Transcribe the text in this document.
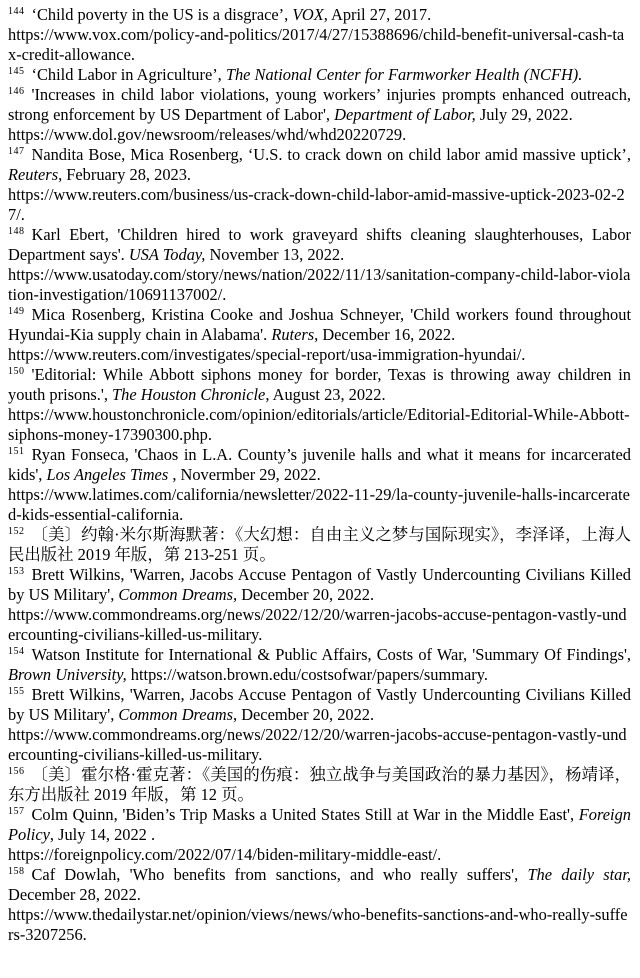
$^{144}$ ‘Child poverty in the US is a disgrace’, VOX, April 27, 2017.
https://www.vox.com/policy-and-politics/2017/4/27/15388696/child-benefit-universal-cash-tax-credit-allowance.

$^{145}$ ‘Child Labor in Agriculture’, The National Center for Farmworker Health (NCFH).

$^{146}$ 'Increases in child labor violations, young workers’ injuries prompts enhanced outreach, strong enforcement by US Department of Labor', Department of Labor, July 29, 2022.
https://www.dol.gov/newsroom/releases/whd/whd20220729.

$^{147}$ Nandita Bose, Mica Rosenberg, ‘U.S. to crack down on child labor amid massive uptick’, Reuters, February 28, 2023.
https://www.reuters.com/business/us-crack-down-child-labor-amid-massive-uptick-2023-02-27/.

$^{148}$ Karl Ebert, 'Children hired to work graveyard shifts cleaning slaughterhouses, Labor Department says'. USA Today, November 13, 2022.
https://www.usatoday.com/story/news/nation/2022/11/13/sanitation-company-child-labor-violation-investigation/10691137002/.

$^{149}$ Mica Rosenberg, Kristina Cooke and Joshua Schneyer, 'Child workers found throughout Hyundai-Kia supply chain in Alabama'. Ruters, December 16, 2022.
https://www.reuters.com/investigates/special-report/usa-immigration-hyundai/.

$^{150}$ 'Editorial: While Abbott siphons money for border, Texas is throwing away children in youth prisons.', The Houston Chronicle, August 23, 2022.
https://www.houstonchronicle.com/opinion/editorials/article/Editorial-Editorial-While-Abbott-siphons-money-17390300.php.

$^{151}$ Ryan Fonseca, 'Chaos in L.A. County’s juvenile halls and what it means for incarcerated kids', Los Angeles Times , Novermber 29, 2022.
https://www.latimes.com/california/newsletter/2022-11-29/la-county-juvenile-halls-incarcerated-kids-essential-california.

$^{152}$ 〔美〕约翰·米尔斯海默著：《大幻想：自由主义之梦与国际现实》，李泽译，上海人民出版社 2019 年版，第 213-251 页。

$^{153}$ Brett Wilkins, 'Warren, Jacobs Accuse Pentagon of Vastly Undercounting Civilians Killed by US Military', Common Dreams, December 20, 2022.
https://www.commondreams.org/news/2022/12/20/warren-jacobs-accuse-pentagon-vastly-undercounting-civilians-killed-us-military.

$^{154}$ Watson Institute for International & Public Affairs, Costs of War, 'Summary Of Findings', Brown University, https://watson.brown.edu/costsofwar/papers/summary.

$^{155}$ Brett Wilkins, 'Warren, Jacobs Accuse Pentagon of Vastly Undercounting Civilians Killed by US Military', Common Dreams, December 20, 2022.
https://www.commondreams.org/news/2022/12/20/warren-jacobs-accuse-pentagon-vastly-undercounting-civilians-killed-us-military.

$^{156}$ 〔美〕霍尔格·霍克著：《美国的伤痕：独立战争与美国政治的暴力基因》，杨靖译，东方出版社 2019 年版，第 12 页。

$^{157}$ Colm Quinn, 'Biden’s Trip Masks a United States Still at War in the Middle East', Foreign Policy, July 14, 2022 .
https://foreignpolicy.com/2022/07/14/biden-military-middle-east/.

$^{158}$ Caf Dowlah, 'Who benefits from sanctions, and who really suffers', The daily star, December 28, 2022.
https://www.thedailystar.net/opinion/views/news/who-benefits-sanctions-and-who-really-suffers-3207256.
